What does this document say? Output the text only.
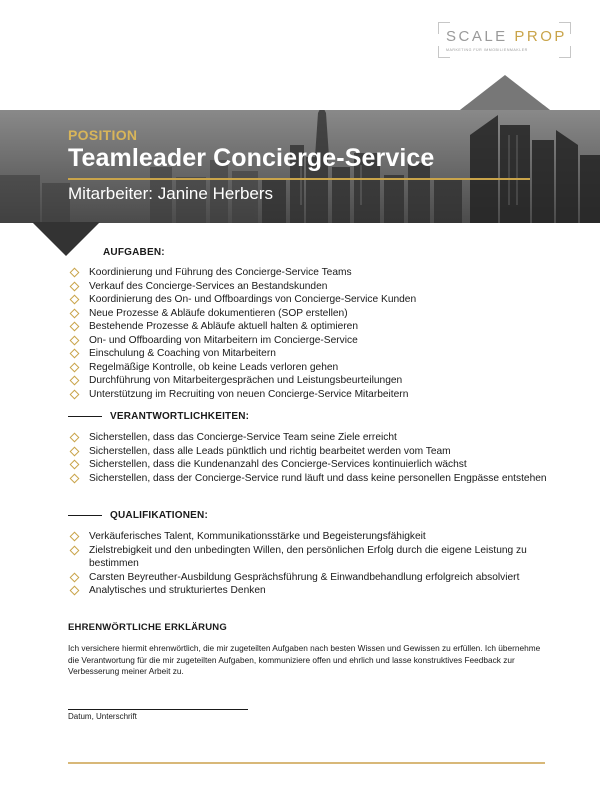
SCALE PROP
MARKETING FÜR IMMOBILIENMAKLER
POSITION
Teamleader Concierge-Service
Mitarbeiter: Janine Herbers
AUFGABEN:
Koordinierung und Führung des Concierge-Service Teams
Verkauf des Concierge-Services an Bestandskunden
Koordinierung des On- und Offboardings von Concierge-Service Kunden
Neue Prozesse & Abläufe dokumentieren (SOP erstellen)
Bestehende Prozesse & Abläufe aktuell halten & optimieren
On- und Offboarding von Mitarbeitern im Concierge-Service
Einschulung & Coaching von Mitarbeitern
Regelmäßige Kontrolle, ob keine Leads verloren gehen
Durchführung von Mitarbeitergesprächen und Leistungsbeurteilungen
Unterstützung im Recruiting von neuen Concierge-Service Mitarbeitern
VERANTWORTLICHKEITEN:
Sicherstellen, dass das Concierge-Service Team seine Ziele erreicht
Sicherstellen, dass alle Leads pünktlich und richtig bearbeitet werden vom Team
Sicherstellen, dass die Kundenanzahl des Concierge-Services kontinuierlich wächst
Sicherstellen, dass der Concierge-Service rund läuft und dass keine personellen Engpässe entstehen
QUALIFIKATIONEN:
Verkäuferisches Talent, Kommunikationsstärke und Begeisterungsfähigkeit
Zielstrebigkeit und den unbedingten Willen, den persönlichen Erfolg durch die eigene Leistung zu bestimmen
Carsten Beyreuther-Ausbildung Gesprächsführung & Einwandbehandlung erfolgreich absolviert
Analytisches und strukturiertes Denken
EHRENWÖRTLICHE ERKLÄRUNG
Ich versichere hiermit ehrenwörtlich, die mir zugeteilten Aufgaben nach besten Wissen und Gewissen zu erfüllen. Ich übernehme die Verantwortung für die mir zugeteilten Aufgaben, kommuniziere offen und ehrlich und lasse konstruktives Feedback zur Verbesserung meiner Arbeit zu.
Datum, Unterschrift
